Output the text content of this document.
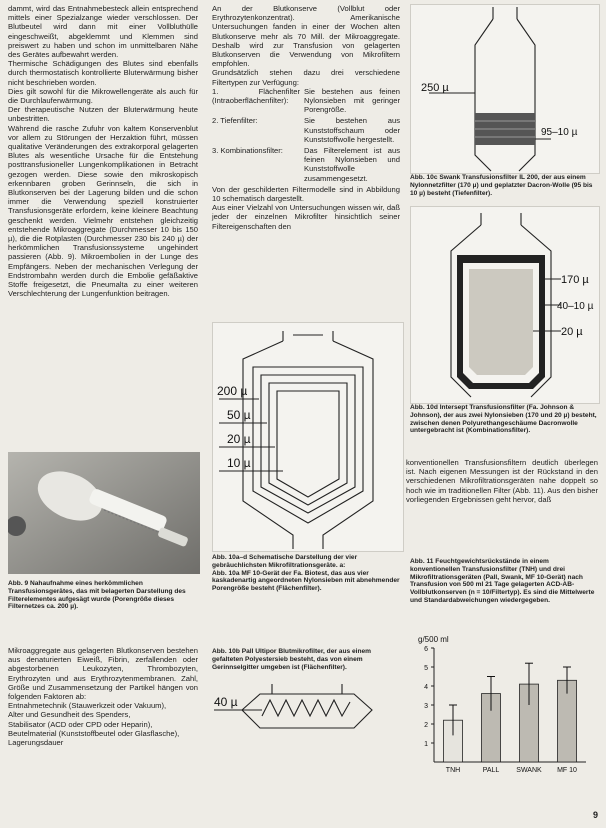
dammt, wird das Entnahmebesteck allein entsprechend mittels einer Spezialzange wieder verschlossen. Der Blutbeutel wird dann mit einer Vollbluthülle eingeschweißt, abgeklemmt und Klemmen sind preiswert zu haben und schon im unmittelbaren Nähe des Gerätes aufbewahrt werden.

Thermische Schädigungen des Blutes sind ebenfalls durch thermostatisch kontrollierte Bluterwärmung bisher nicht beschrieben worden.

Dies gilt sowohl für die Mikrowellengeräte als auch für die Durchlauferwärmung.

Der therapeutische Nutzen der Bluterwärmung heute unbestritten.

Während die rasche Zufuhr von kaltem Konservenblut vor allem zu Störungen der Herzaktion führt, müssen qualitative Veränderungen des extrakorporal gelagerten Blutes als wesentliche Ursache für die Entstehung posttransfusioneller Lungenkomplikationen in Betracht gezogen werden. Diese sowie den mikroskopisch erkennbaren groben Gerinnseln, die sich in Blutkonserven bei der Lagerung bilden und die schon immer die Verwendung speziell konstruierter Transfusionsgeräte erfordern, keine kleinere Beachtung geschenkt werden. Vielmehr entstehen gleichzeitig entstehende Mikroaggregate (Durchmesser 10 bis 150 µ), die die Rotplasten (Durchmesser 230 bis 240 µ) der herkömmlichen Transfusionssysteme ungehindert passieren (Abb. 9). Mikroembolien in der Lunge des Empfängers. Neben der mechanischen Verlegung der Endstrombahn werden durch die Embolie gefäßaktive Stoffe freigesetzt, die Pneumalta zu einer weiteren Verschlechterung der Lungenfunktion beitragen.

Abb. 9 Nahaufnahme eines herkömmlichen Transfusionsgerätes, das mit belagerten Darstellung des Filterelementes aufgesägt wurde (Porengröße dieses Filternetzes ca. 200 µ).

Mikroaggregate aus gelagerten Blutkonserven bestehen aus denaturierten Eiweiß, Fibrin, zerfallenden oder abgestorbenen Leukozyten, Thrombozyten, Erythrozyten und aus Erythrozytenmembranen. Zahl, Größe und Zusammensetzung der Partikel hängen von folgenden Faktoren ab:

Entnahmetechnik (Stauwerkzeit oder Vakuum),
Alter und Gesundheit des Spenders,
Stabilisator (ACD oder CPD oder Heparin),
Beutelmaterial (Kunststoffbeutel oder Glasflasche),
Lagerungsdauer

An der Blutkonserve (Vollblut oder Erythrozytenkonzentrat). Amerikanische Untersuchungen fanden in einer der Wochen alten Blutkonserve mehr als 70 Mill. der Mikroaggregate. Deshalb wird zur Transfusion von gelagerten Blutkonserven die Verwendung von Mikrofiltern empfohlen.

Grundsätzlich stehen dazu drei verschiedene Filtertypen zur Verfügung:

1. Flächenfilter (Intraoberflächenfilter):
Sie bestehen aus feinen Nylonsieben mit geringer Porengröße.
2. Tiefenfilter:	Sie bestehen aus Kunststoffschaum oder Kunststoffwolle hergestellt.
3. Kombinationsfilter:	Das Filterelement ist aus feinen Nylonsieben und Kunststoffwolle zusammengesetzt.

Von der geschilderten Filtermodelle sind in Abbildung 10 schematisch dargestellt.

Aus einer Vielzahl von Untersuchungen wissen wir, daß jeder der einzelnen Mikrofilter hinsichtlich seiner Filtereigenschaften den

200 µ
50 µ
20 µ
10 µ
Abb. 10a–d Schematische Darstellung der vier gebräuchlichsten Mikrofiltrationsgeräte. a:
Abb. 10a MF 10-Gerät der Fa. Biotest, das aus vier kaskadenartig angeordneten Nylonsieben mit abnehmender Porengröße besteht (Flächenfilter).
Abb. 10b Pall Ultipor Blutmikrofilter, der aus einem gefalteten Polyestersieb besteht, das von einem Gerinnselgitter umgeben ist (Flächenfilter).
40 µ
250 µ
95–10 µ
Abb. 10c Swank Transfusionsfilter IL 200, der aus einem Nylonnetzfilter (170 µ) und geplatzter Dacron-Wolle (95 bis 10 µ) besteht (Tiefenfilter).
170 µ
40–10 µ
20 µ
Abb. 10d Intersept Transfusionsfilter (Fa. Johnson & Johnson), der aus zwei Nylonsieben (170 und 20 µ) besteht, zwischen denen Polyurethangeschäume Dacronwolle untergebracht ist (Kombinationsfilter).

konventionellen Transfusionsfiltern deutlich überlegen ist. Nach eigenen Messungen ist der Rückstand in den verschiedenen Mikrofiltrationsgeräten nahe doppelt so hoch wie im traditionellen Filter (Abb. 11). Aus den bisher vorliegenden Ergebnissen geht hervor, daß

Abb. 11 Feuchtgewichtsrückstände in einem konventionellen Transfusionsfilter (TNH) und drei Mikrofiltrationsgeräten (Pall, Swank, MF 10-Gerät) nach Transfusion von 500 ml 21 Tage gelagerten ACD-AB-Vollblutkonserven (n = 10/Filtertyp). Es sind die Mittelwerte und Standardabweichungen wiedergegeben.
g/500 ml
6
5
4
3
2
1
TNH	PALL SWANK MF 10
9
